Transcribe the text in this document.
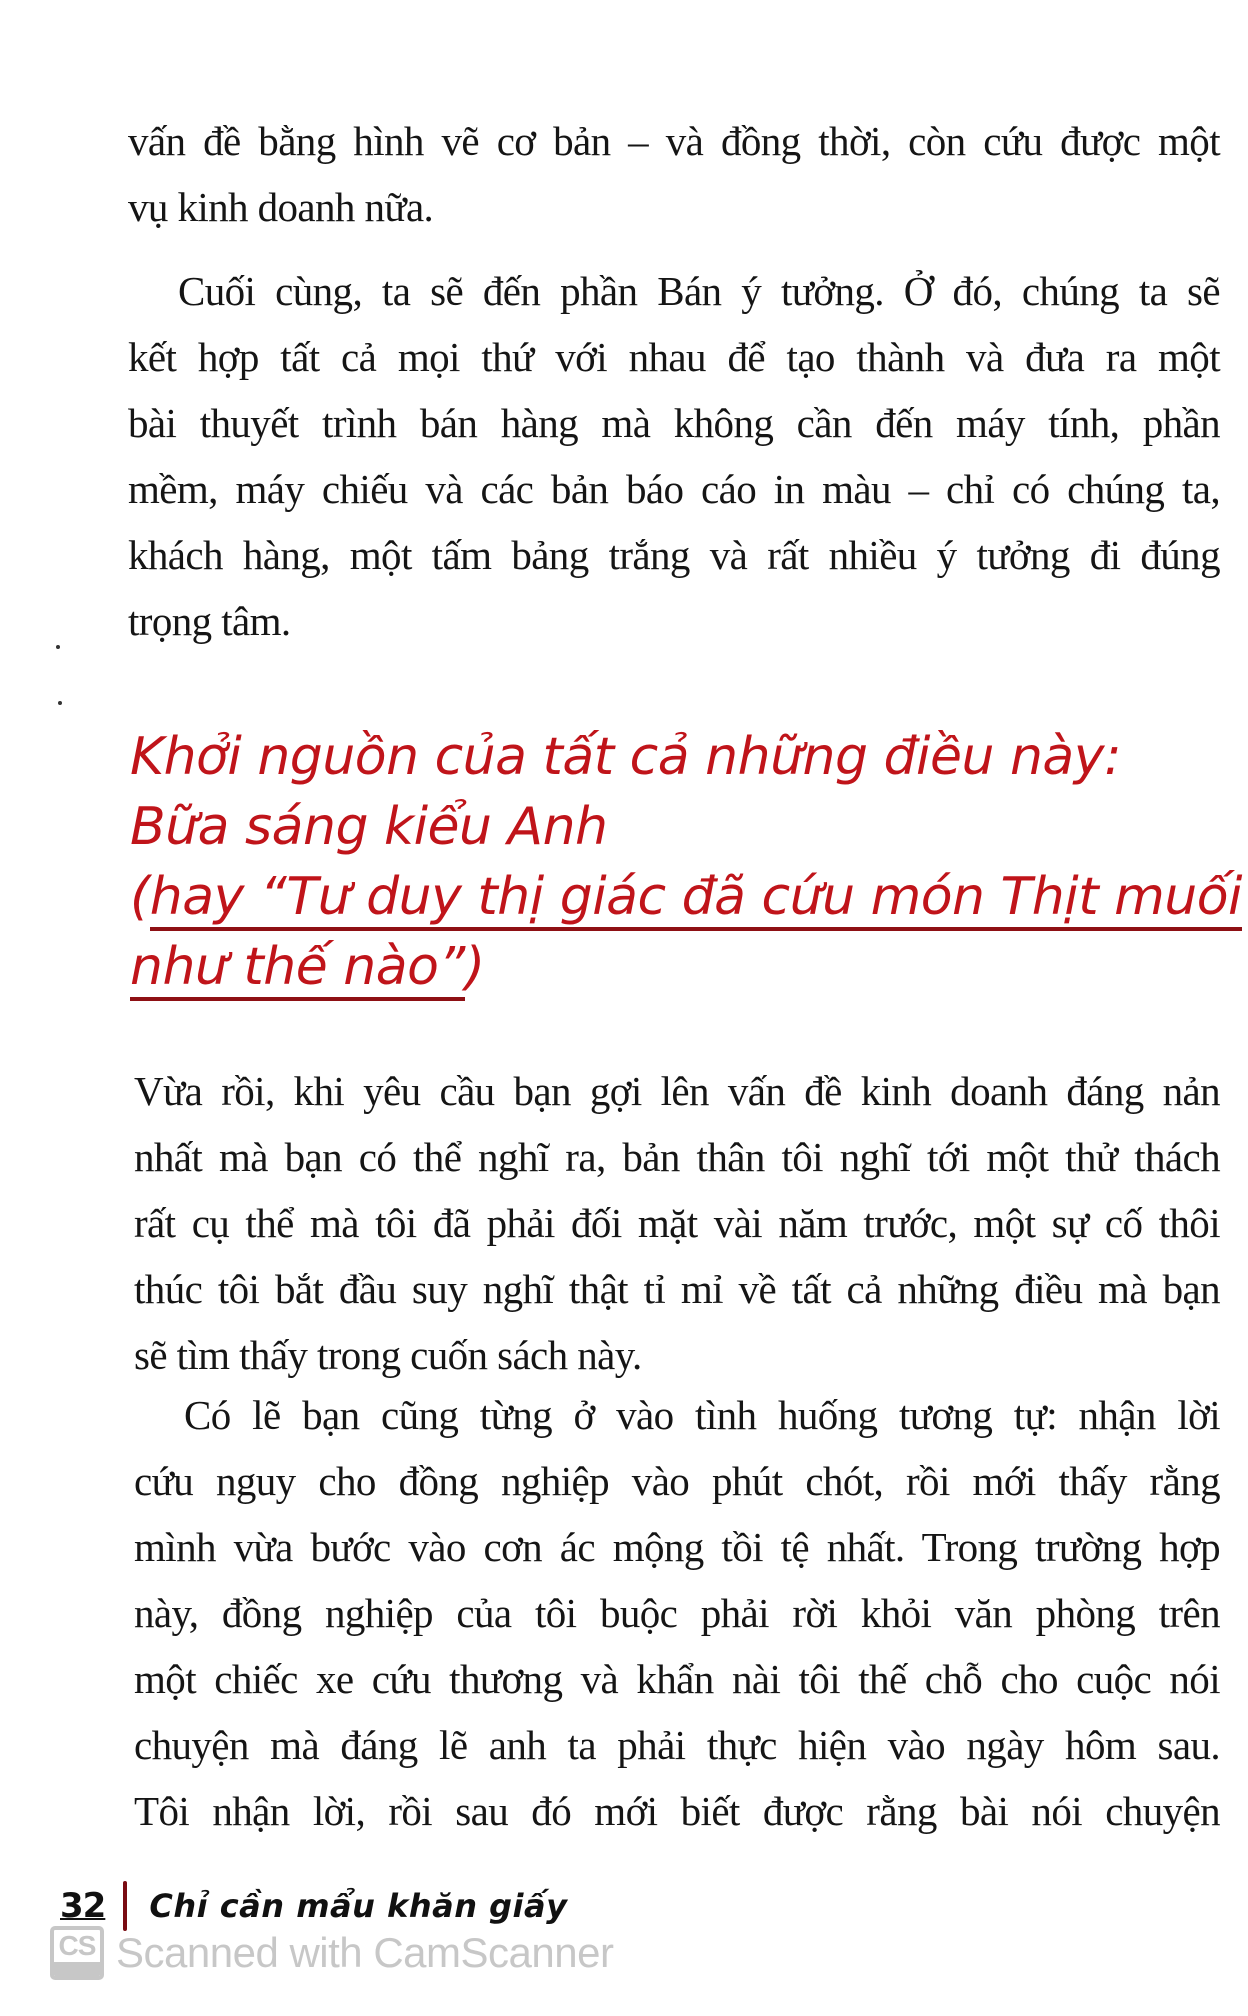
vấn đề bằng hình vẽ cơ bản – và đồng thời, còn cứu được một
vụ kinh doanh nữa.
Cuối cùng, ta sẽ đến phần Bán ý tưởng. Ở đó, chúng ta sẽ
kết hợp tất cả mọi thứ với nhau để tạo thành và đưa ra một
bài thuyết trình bán hàng mà không cần đến máy tính, phần
mềm, máy chiếu và các bản báo cáo in màu – chỉ có chúng ta,
khách hàng, một tấm bảng trắng và rất nhiều ý tưởng đi đúng
trọng tâm.
Khởi nguồn của tất cả những điều này:
Bữa sáng kiểu Anh
(hay “Tư duy thị giác đã cứu món Thịt muối
như thế nào”)
Vừa rồi, khi yêu cầu bạn gợi lên vấn đề kinh doanh đáng nản
nhất mà bạn có thể nghĩ ra, bản thân tôi nghĩ tới một thử thách
rất cụ thể mà tôi đã phải đối mặt vài năm trước, một sự cố thôi
thúc tôi bắt đầu suy nghĩ thật tỉ mỉ về tất cả những điều mà bạn
sẽ tìm thấy trong cuốn sách này.
Có lẽ bạn cũng từng ở vào tình huống tương tự: nhận lời
cứu nguy cho đồng nghiệp vào phút chót, rồi mới thấy rằng
mình vừa bước vào cơn ác mộng tồi tệ nhất. Trong trường hợp
này, đồng nghiệp của tôi buộc phải rời khỏi văn phòng trên
một chiếc xe cứu thương và khẩn nài tôi thế chỗ cho cuộc nói
chuyện mà đáng lẽ anh ta phải thực hiện vào ngày hôm sau.
Tôi nhận lời, rồi sau đó mới biết được rằng bài nói chuyện
32 Chỉ cần mẩu khăn giấy
CS Scanned with CamScanner
